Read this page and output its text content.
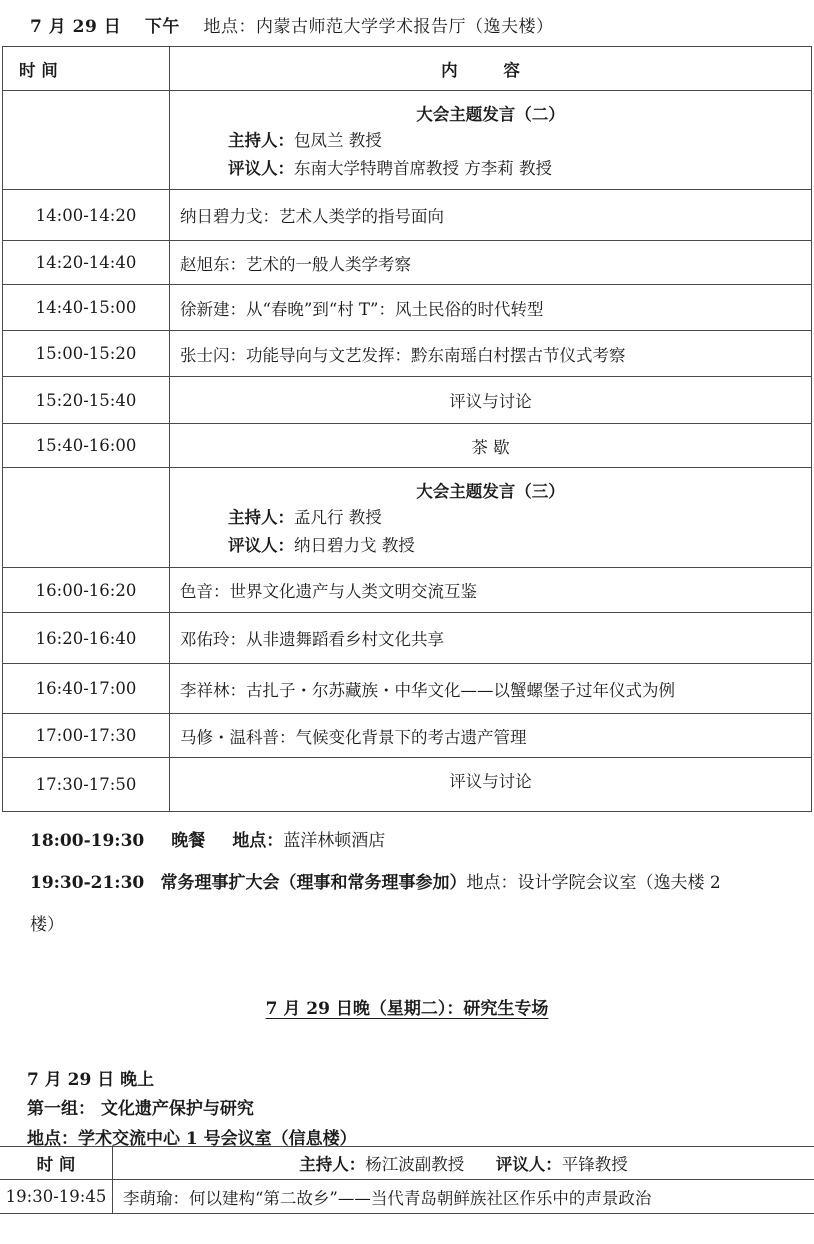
7 月 29 日 下午 地点：内蒙古师范大学学术报告厅（逸夫楼）
时 间	内 容

	大会主题发言（二）
主持人：包凤兰 教授
评议人：东南大学特聘首席教授 方李莉 教授

14:00-14:20	纳日碧力戈：艺术人类学的指号面向
14:20-14:40	赵旭东：艺术的一般人类学考察
14:40-15:00	徐新建：从“春晚”到“村 T”：风土民俗的时代转型
15:00-15:20	张士闪：功能导向与文艺发挥：黔东南瑶白村摆古节仪式考察
15:20-15:40	评议与讨论
15:40-16:00	茶 歇

	大会主题发言（三）
主持人：孟凡行 教授
评议人：纳日碧力戈 教授

16:00-16:20	色音：世界文化遗产与人类文明交流互鉴
16:20-16:40	邓佑玲：从非遗舞蹈看乡村文化共享
16:40-17:00	李祥林：古扎子・尔苏藏族・中华文化——以蟹螺堡子过年仪式为例
17:00-17:30	马修・温科普：气候变化背景下的考古遗产管理
17:30-17:50	评议与讨论
18:00-19:30 晚餐 地点：蓝洋林顿酒店
19:30-21:30 常务理事扩大会（理事和常务理事参加）地点：设计学院会议室（逸夫楼 2
楼）
7 月 29 日晚（星期二）：研究生专场
7 月 29 日 晚上
第一组： 文化遗产保护与研究
地点：学术交流中心 1 号会议室（信息楼）
时 间	主持人：杨江波副教授 评议人：平锋教授
19:30-19:45	李萌瑜：何以建构“第二故乡”——当代青岛朝鲜族社区作乐中的声景政治
